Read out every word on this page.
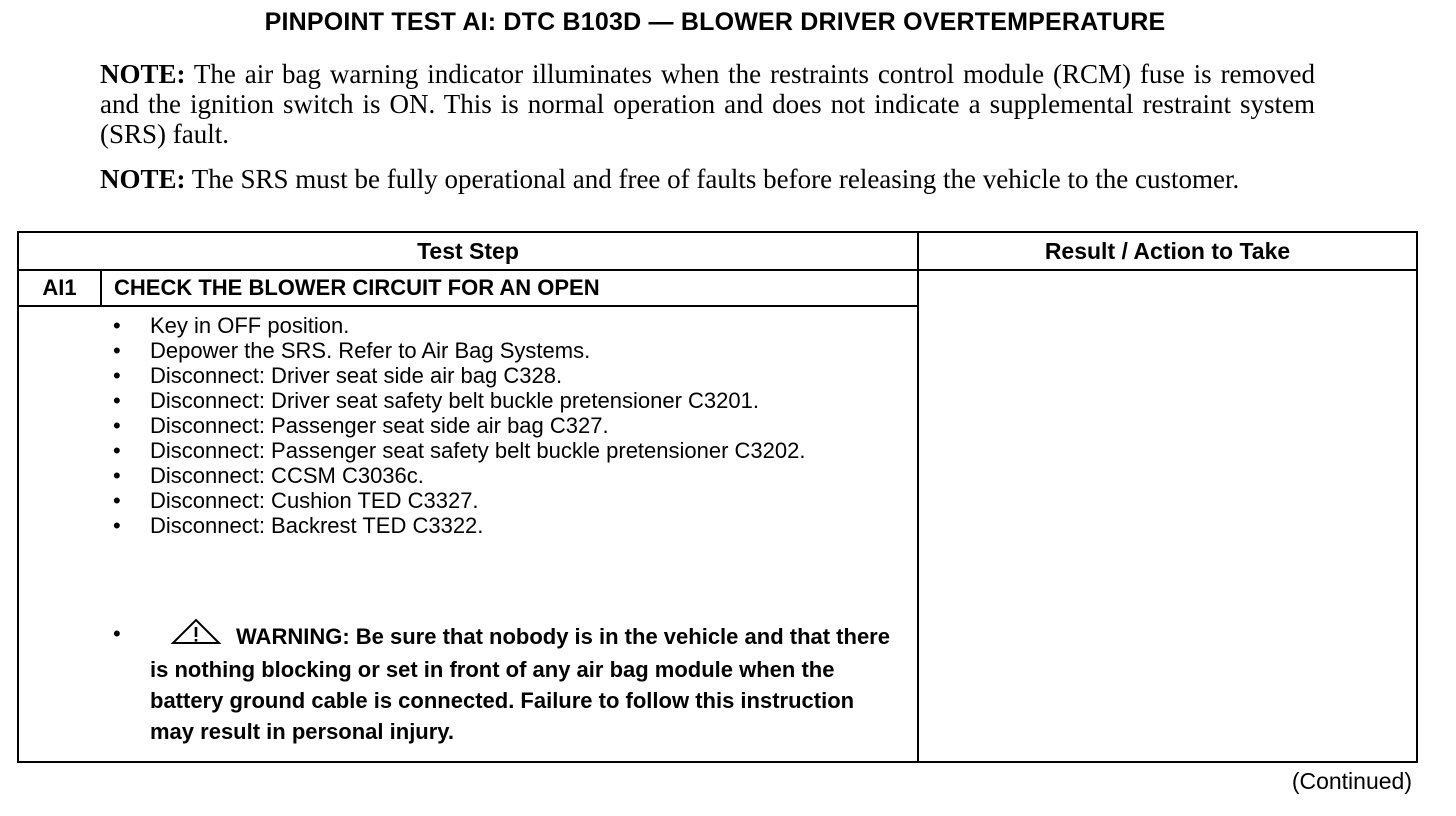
PINPOINT TEST AI: DTC B103D — BLOWER DRIVER OVERTEMPERATURE
NOTE: The air bag warning indicator illuminates when the restraints control module (RCM) fuse is removed and the ignition switch is ON. This is normal operation and does not indicate a supplemental restraint system (SRS) fault.
NOTE: The SRS must be fully operational and free of faults before releasing the vehicle to the customer.
Test Step	Result / Action to Take
AI1	CHECK THE BLOWER CIRCUIT FOR AN OPEN
• Key in OFF position.
• Depower the SRS. Refer to Air Bag Systems.
• Disconnect: Driver seat side air bag C328.
• Disconnect: Driver seat safety belt buckle pretensioner C3201.
• Disconnect: Passenger seat side air bag C327.
• Disconnect: Passenger seat safety belt buckle pretensioner C3202.
• Disconnect: CCSM C3036c.
• Disconnect: Cushion TED C3327.
• Disconnect: Backrest TED C3322.
•	WARNING: Be sure that nobody is in the vehicle and that there is nothing blocking or set in front of any air bag module when the battery ground cable is connected. Failure to follow this instruction may result in personal injury.
(Continued)
